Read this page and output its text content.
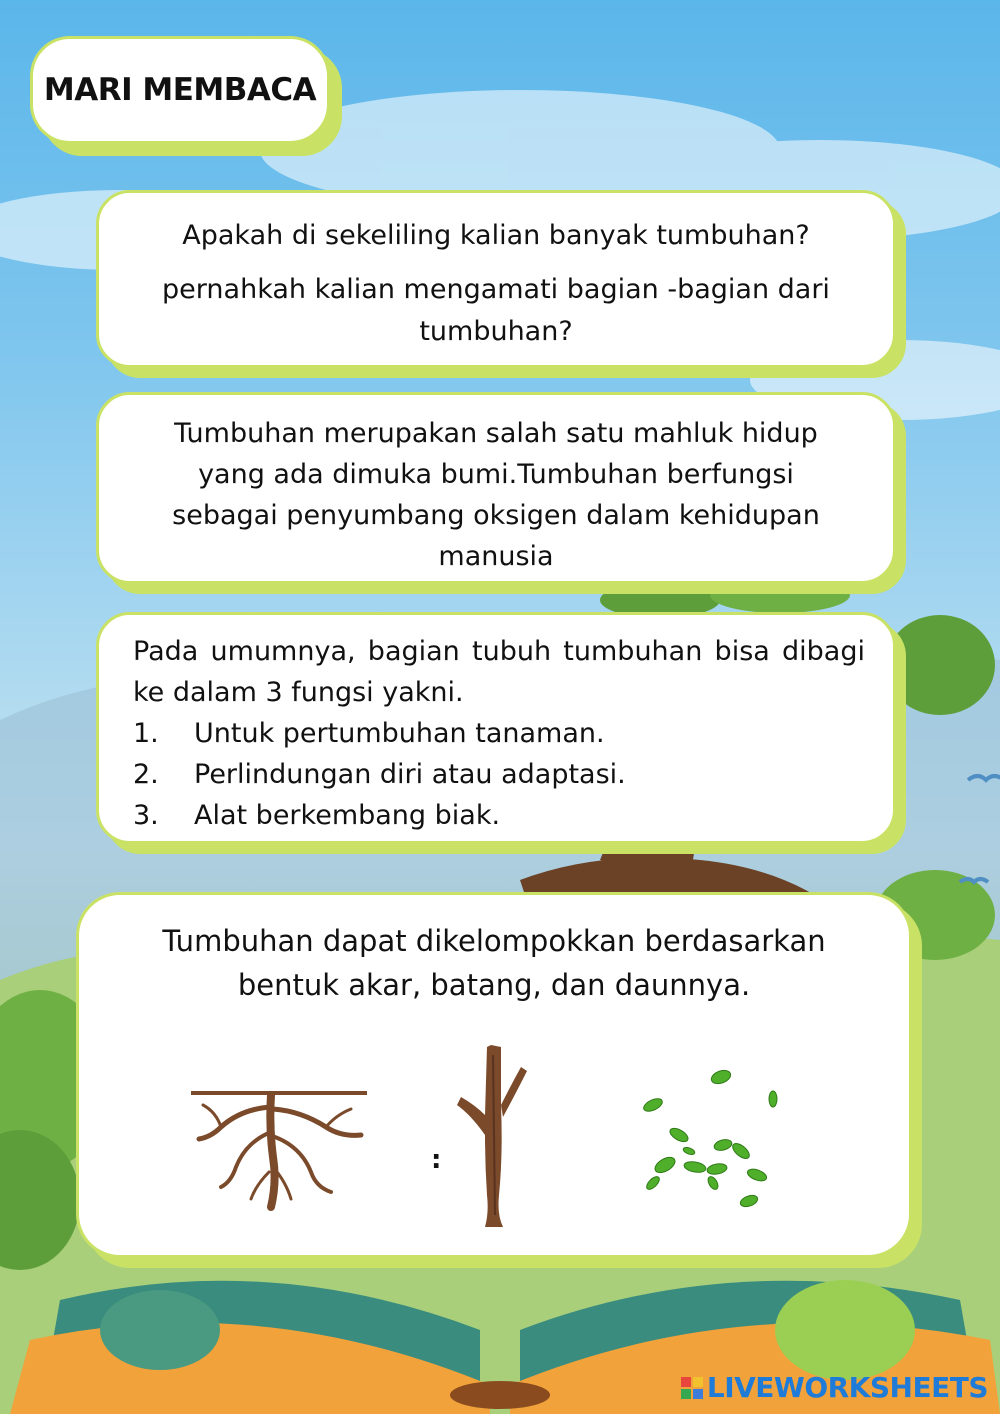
MARI MEMBACA

Apakah di sekeliling kalian banyak tumbuhan?

pernahkah kalian mengamati bagian -bagian dari tumbuhan?

Tumbuhan merupakan salah satu mahluk hidup yang ada dimuka bumi.Tumbuhan berfungsi sebagai penyumbang oksigen dalam kehidupan manusia

Pada umumnya, bagian tubuh tumbuhan bisa dibagi ke dalam 3 fungsi yakni.

1.	Untuk pertumbuhan tanaman.
2.	Perlindungan diri atau adaptasi.
3.	Alat berkembang biak.

Tumbuhan dapat dikelompokkan berdasarkan bentuk akar, batang, dan daunnya.

:
LIVEWORKSHEETS
